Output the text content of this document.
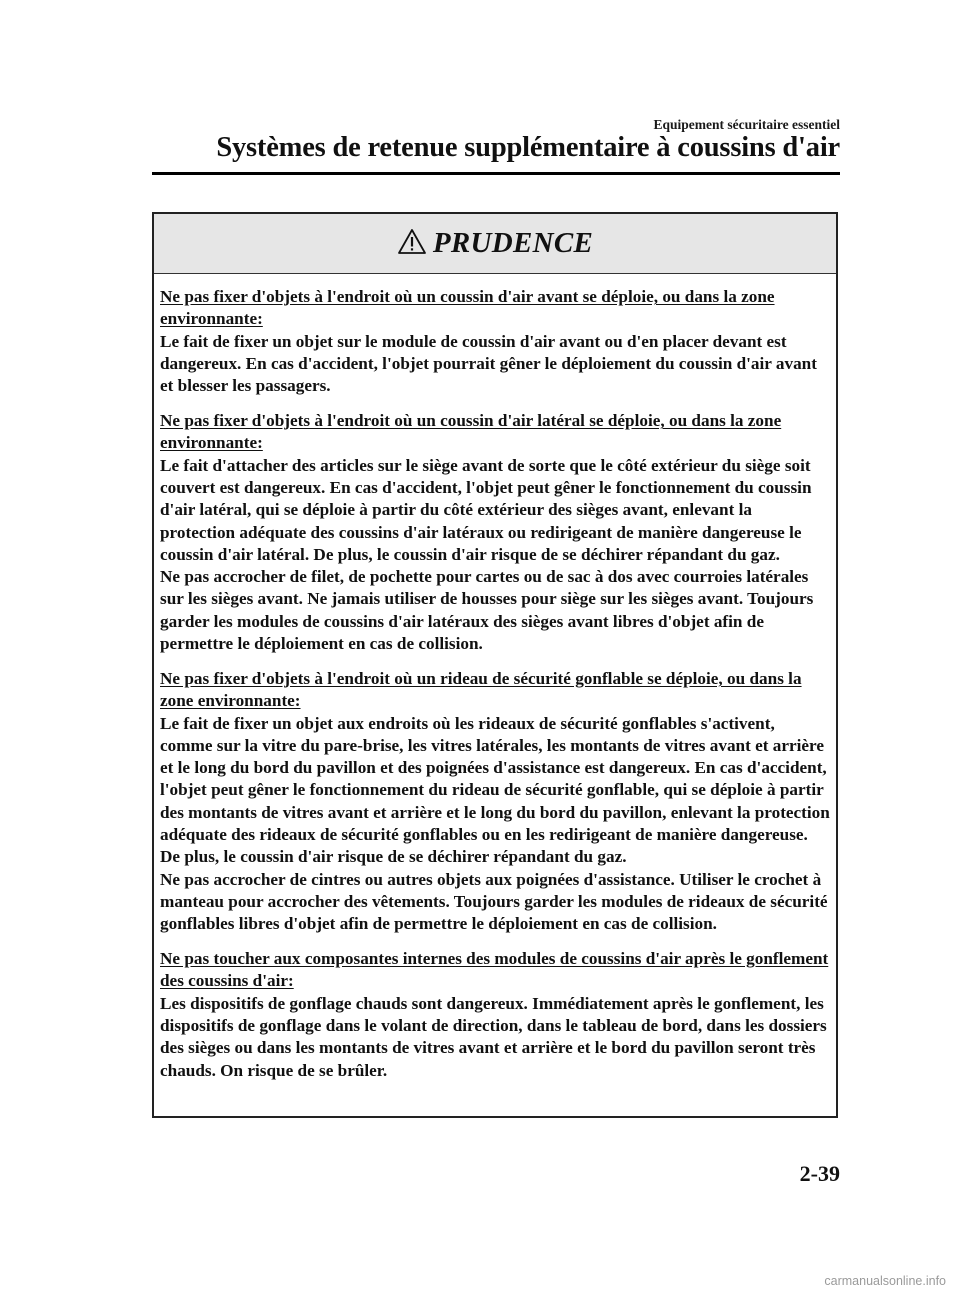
Equipement sécuritaire essentiel
Systèmes de retenue supplémentaire à coussins d'air
PRUDENCE
Ne pas fixer d'objets à l'endroit où un coussin d'air avant se déploie, ou dans la zone environnante:

Le fait de fixer un objet sur le module de coussin d'air avant ou d'en placer devant est dangereux. En cas d'accident, l'objet pourrait gêner le déploiement du coussin d'air avant et blesser les passagers.

Ne pas fixer d'objets à l'endroit où un coussin d'air latéral se déploie, ou dans la zone environnante:

Le fait d'attacher des articles sur le siège avant de sorte que le côté extérieur du siège soit couvert est dangereux. En cas d'accident, l'objet peut gêner le fonctionnement du coussin d'air latéral, qui se déploie à partir du côté extérieur des sièges avant, enlevant la protection adéquate des coussins d'air latéraux ou redirigeant de manière dangereuse le coussin d'air latéral. De plus, le coussin d'air risque de se déchirer répandant du gaz.

Ne pas accrocher de filet, de pochette pour cartes ou de sac à dos avec courroies latérales sur les sièges avant. Ne jamais utiliser de housses pour siège sur les sièges avant. Toujours garder les modules de coussins d'air latéraux des sièges avant libres d'objet afin de permettre le déploiement en cas de collision.

Ne pas fixer d'objets à l'endroit où un rideau de sécurité gonflable se déploie, ou dans la zone environnante:

Le fait de fixer un objet aux endroits où les rideaux de sécurité gonflables s'activent, comme sur la vitre du pare-brise, les vitres latérales, les montants de vitres avant et arrière et le long du bord du pavillon et des poignées d'assistance est dangereux. En cas d'accident, l'objet peut gêner le fonctionnement du rideau de sécurité gonflable, qui se déploie à partir des montants de vitres avant et arrière et le long du bord du pavillon, enlevant la protection adéquate des rideaux de sécurité gonflables ou en les redirigeant de manière dangereuse. De plus, le coussin d'air risque de se déchirer répandant du gaz.

Ne pas accrocher de cintres ou autres objets aux poignées d'assistance. Utiliser le crochet à manteau pour accrocher des vêtements. Toujours garder les modules de rideaux de sécurité gonflables libres d'objet afin de permettre le déploiement en cas de collision.

Ne pas toucher aux composantes internes des modules de coussins d'air après le gonflement des coussins d'air:

Les dispositifs de gonflage chauds sont dangereux. Immédiatement après le gonflement, les dispositifs de gonflage dans le volant de direction, dans le tableau de bord, dans les dossiers des sièges ou dans les montants de vitres avant et arrière et le bord du pavillon seront très chauds. On risque de se brûler.

2-39
carmanualsonline.info
